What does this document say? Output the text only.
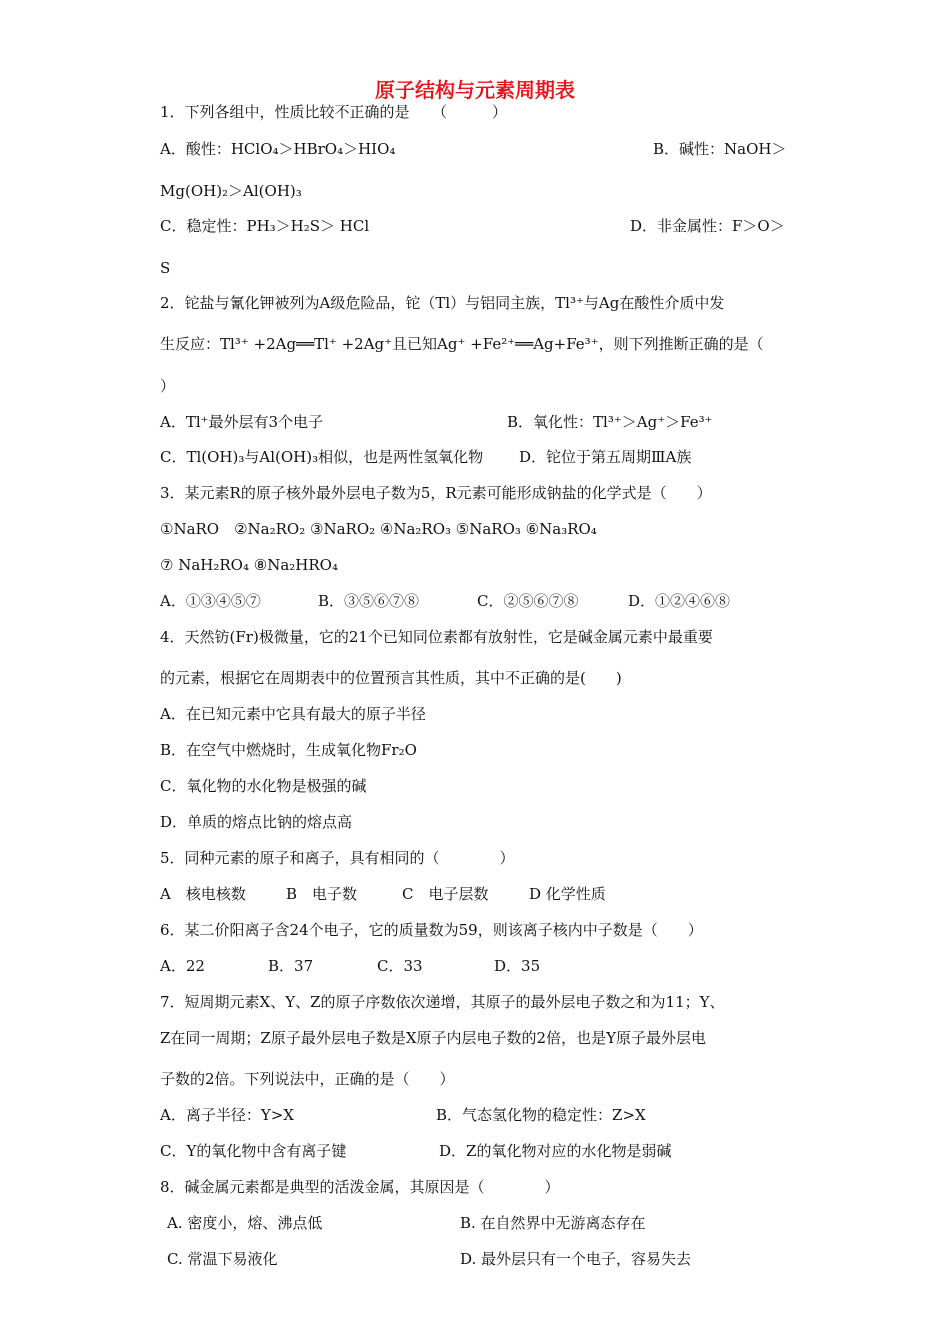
原子结构与元素周期表
1．下列各组中，性质比较不正确的是　　（　　　）
A．酸性：HClO₄＞HBrO₄＞HIO₄	B．碱性：NaOH＞
Mg(OH)₂＞Al(OH)₃
C．稳定性：PH₃＞H₂S＞ HCl	D．非金属性：F＞O＞
S
2．铊盐与氰化钾被列为A级危险品，铊（Tl）与铝同主族，Tl³⁺与Ag在酸性介质中发
生反应：Tl³⁺ +2Ag══Tl⁺ +2Ag⁺且已知Ag⁺ +Fe²⁺══Ag+Fe³⁺，则下列推断正确的是（
）
A．Tl⁺最外层有3个电子	B．氧化性：Tl³⁺＞Ag⁺＞Fe³⁺
C．Tl(OH)₃与Al(OH)₃相似，也是两性氢氧化物 D．铊位于第五周期ⅢA族
3．某元素R的原子核外最外层电子数为5，R元素可能形成钠盐的化学式是（　　）
①NaRO　②Na₂RO₂ ③NaRO₂ ④Na₂RO₃ ⑤NaRO₃ ⑥Na₃RO₄
⑦ NaH₂RO₄ ⑧Na₂HRO₄
A．①③④⑤⑦	B．③⑤⑥⑦⑧	C．②⑤⑥⑦⑧	D．①②④⑥⑧
4．天然钫(Fr)极微量，它的21个已知同位素都有放射性，它是碱金属元素中最重要
的元素，根据它在周期表中的位置预言其性质，其中不正确的是(　　)
A．在已知元素中它具有最大的原子半径
B．在空气中燃烧时，生成氧化物Fr₂O
C．氧化物的水化物是极强的碱
D．单质的熔点比钠的熔点高
5．同种元素的原子和离子，具有相同的（　　　　）
A　核电核数	B　电子数	C　电子层数	D 化学性质
6．某二价阳离子含24个电子，它的质量数为59，则该离子核内中子数是（　　）
A．22	B．37	C．33	D．35
7．短周期元素X、Y、Z的原子序数依次递增，其原子的最外层电子数之和为11；Y、
Z在同一周期；Z原子最外层电子数是X原子内层电子数的2倍，也是Y原子最外层电
子数的2倍。下列说法中，正确的是（　　）
A．离子半径：Y>X	B．气态氢化物的稳定性：Z>X
C．Y的氧化物中含有离子键	D．Z的氧化物对应的水化物是弱碱
8．碱金属元素都是典型的活泼金属，其原因是（　　　　）
A. 密度小，熔、沸点低	B. 在自然界中无游离态存在
C. 常温下易液化	D. 最外层只有一个电子，容易失去
